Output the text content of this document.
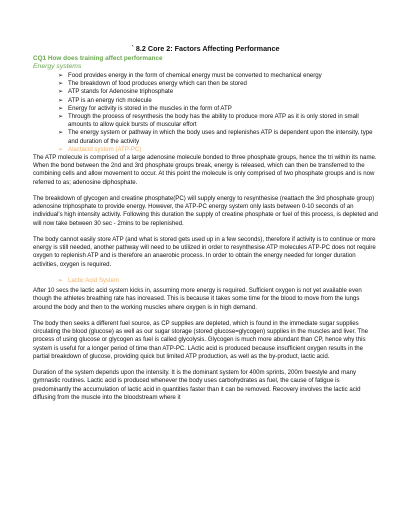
` 8.2 Core 2: Factors Affecting Performance
CQ1 How does training affect performance
Energy systems
➢ Food provides energy in the form of chemical energy must be converted to mechanical energy
➢ The breakdown of food produces energy which can then be stored
➢ ATP stands for Adenosine triphosphate
➢ ATP is an energy rich molecule
➢ Energy for activity is stored in the muscles in the form of ATP
➢ Through the process of resynthesis the body has the ability to produce more ATP as it is only stored in small amounts to allow quick bursts of muscular effort
➢ The energy system or pathway in which the body uses and replenishes ATP is dependent upon the intensity, type and duration of the activity
➢ Alactacid system (ATP-PC)

The ATP molecule is comprised of a large adenosine molecule bonded to three phosphate groups, hence the tri within its name. When the bond between the 2nd and 3rd phosphate groups break, energy is released, which can then be transferred to the combining cells and allow movement to occur. At this point the molecule is only comprised of two phosphate groups and is now referred to as; adenosine diphosphate.

The breakdown of glycogen and creatine phosphate(PC) will supply energy to resynthesise (reattach the 3rd phosphate group) adenosine triphosphate to provide energy. However, the ATP-PC energy system only lasts between 0-10 seconds of an individual's high intensity activity. Following this duration the supply of creatine phosphate or fuel of this process, is depleted and will now take between 30 sec - 2mins to be replenished.

The body cannot easily store ATP (and what is stored gets used up in a few seconds), therefore if activity is to continue or more energy is still needed, another pathway will need to be utilized in order to resynthesise ATP molecules ATP-PC does not require oxygen to replenish ATP and is therefore an anaerobic process. In order to obtain the energy needed for longer duration activities, oxygen is required.

➢ Lactic Acid System

After 10 secs the lactic acid system kicks in, assuming more energy is required. Sufficient oxygen is not yet available even though the athletes breathing rate has increased. This is because it takes some time for the blood to move from the lungs around the body and then to the working muscles where oxygen is in high demand.

The body then seeks a different fuel source, as CP supplies are depleted, which is found in the immediate sugar supplies circulating the blood (glucose) as well as our sugar storage (stored glucose=glycogen) supplies in the muscles and liver. The process of using glucose or glycogen as fuel is called glycolysis. Glycogen is much more abundant than CP, hence why this system is useful for a longer period of time than ATP-PC. LActic acid is produced because insufficient oxygen results in the partial breakdown of glucose, providing quick but limited ATP production, as well as the by-product, lactic acid.

Duration of the system depends upon the intensity. It is the dominant system for 400m sprints, 200m freestyle and many gymnastic routines. Lactic acid is produced whenever the body uses carbohydrates as fuel, the cause of fatigue is predominantly the accumulation of lactic acid in quantities faster than it can be removed. Recovery involves the lactic acid diffusing from the muscle into the bloodstream where it
